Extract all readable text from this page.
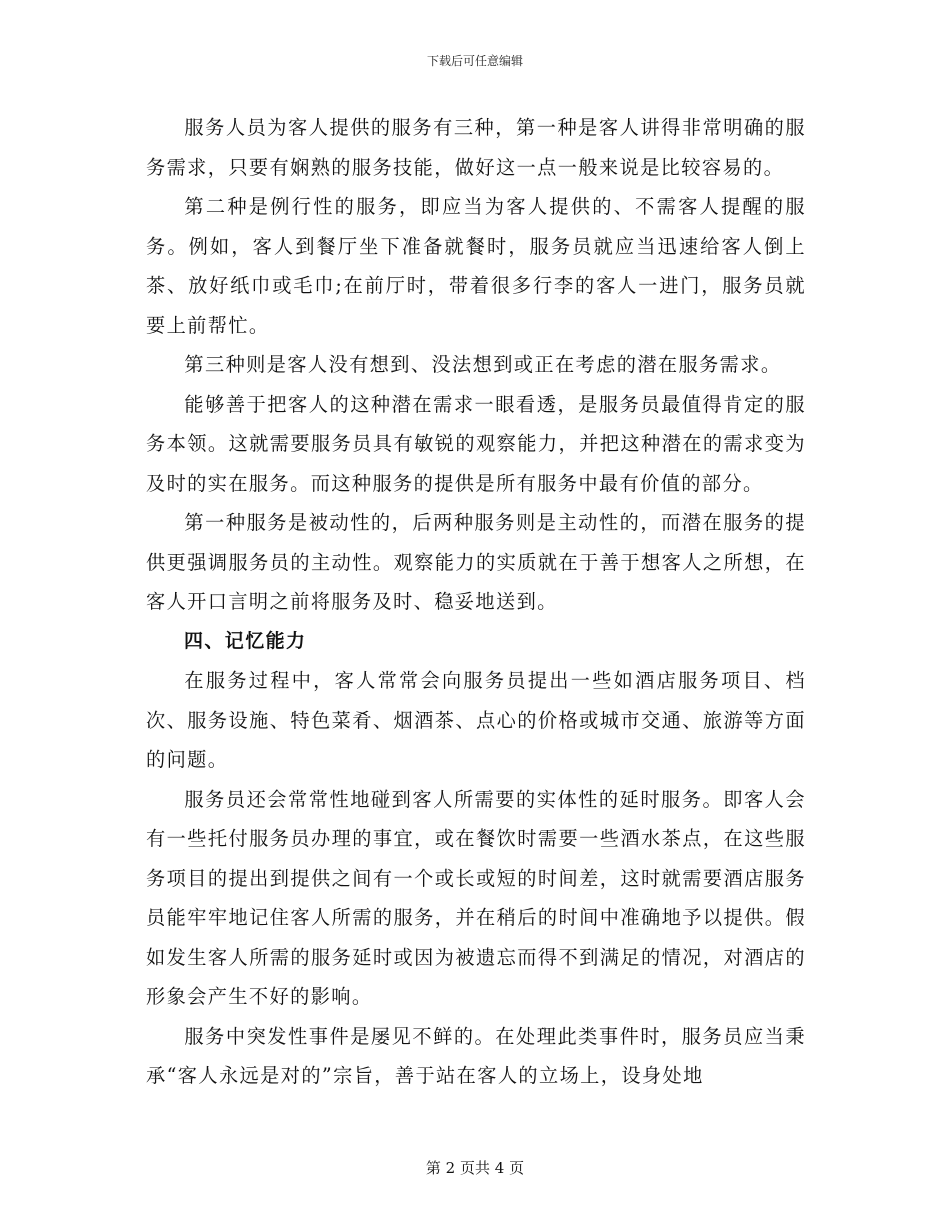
下载后可任意编辑

服务人员为客人提供的服务有三种，第一种是客人讲得非常明确的服务需求，只要有娴熟的服务技能，做好这一点一般来说是比较容易的。

第二种是例行性的服务，即应当为客人提供的、不需客人提醒的服务。例如，客人到餐厅坐下准备就餐时，服务员就应当迅速给客人倒上茶、放好纸巾或毛巾;在前厅时，带着很多行李的客人一进门，服务员就要上前帮忙。

第三种则是客人没有想到、没法想到或正在考虑的潜在服务需求。

能够善于把客人的这种潜在需求一眼看透，是服务员最值得肯定的服务本领。这就需要服务员具有敏锐的观察能力，并把这种潜在的需求变为及时的实在服务。而这种服务的提供是所有服务中最有价值的部分。

第一种服务是被动性的，后两种服务则是主动性的，而潜在服务的提供更强调服务员的主动性。观察能力的实质就在于善于想客人之所想，在客人开口言明之前将服务及时、稳妥地送到。

四、记忆能力

在服务过程中，客人常常会向服务员提出一些如酒店服务项目、档次、服务设施、特色菜肴、烟酒茶、点心的价格或城市交通、旅游等方面的问题。

服务员还会常常性地碰到客人所需要的实体性的延时服务。即客人会有一些托付服务员办理的事宜，或在餐饮时需要一些酒水茶点，在这些服务项目的提出到提供之间有一个或长或短的时间差，这时就需要酒店服务员能牢牢地记住客人所需的服务，并在稍后的时间中准确地予以提供。假如发生客人所需的服务延时或因为被遗忘而得不到满足的情况，对酒店的形象会产生不好的影响。

服务中突发性事件是屡见不鲜的。在处理此类事件时，服务员应当秉承“客人永远是对的”宗旨，善于站在客人的立场上，设身处地

第 2 页共 4 页
